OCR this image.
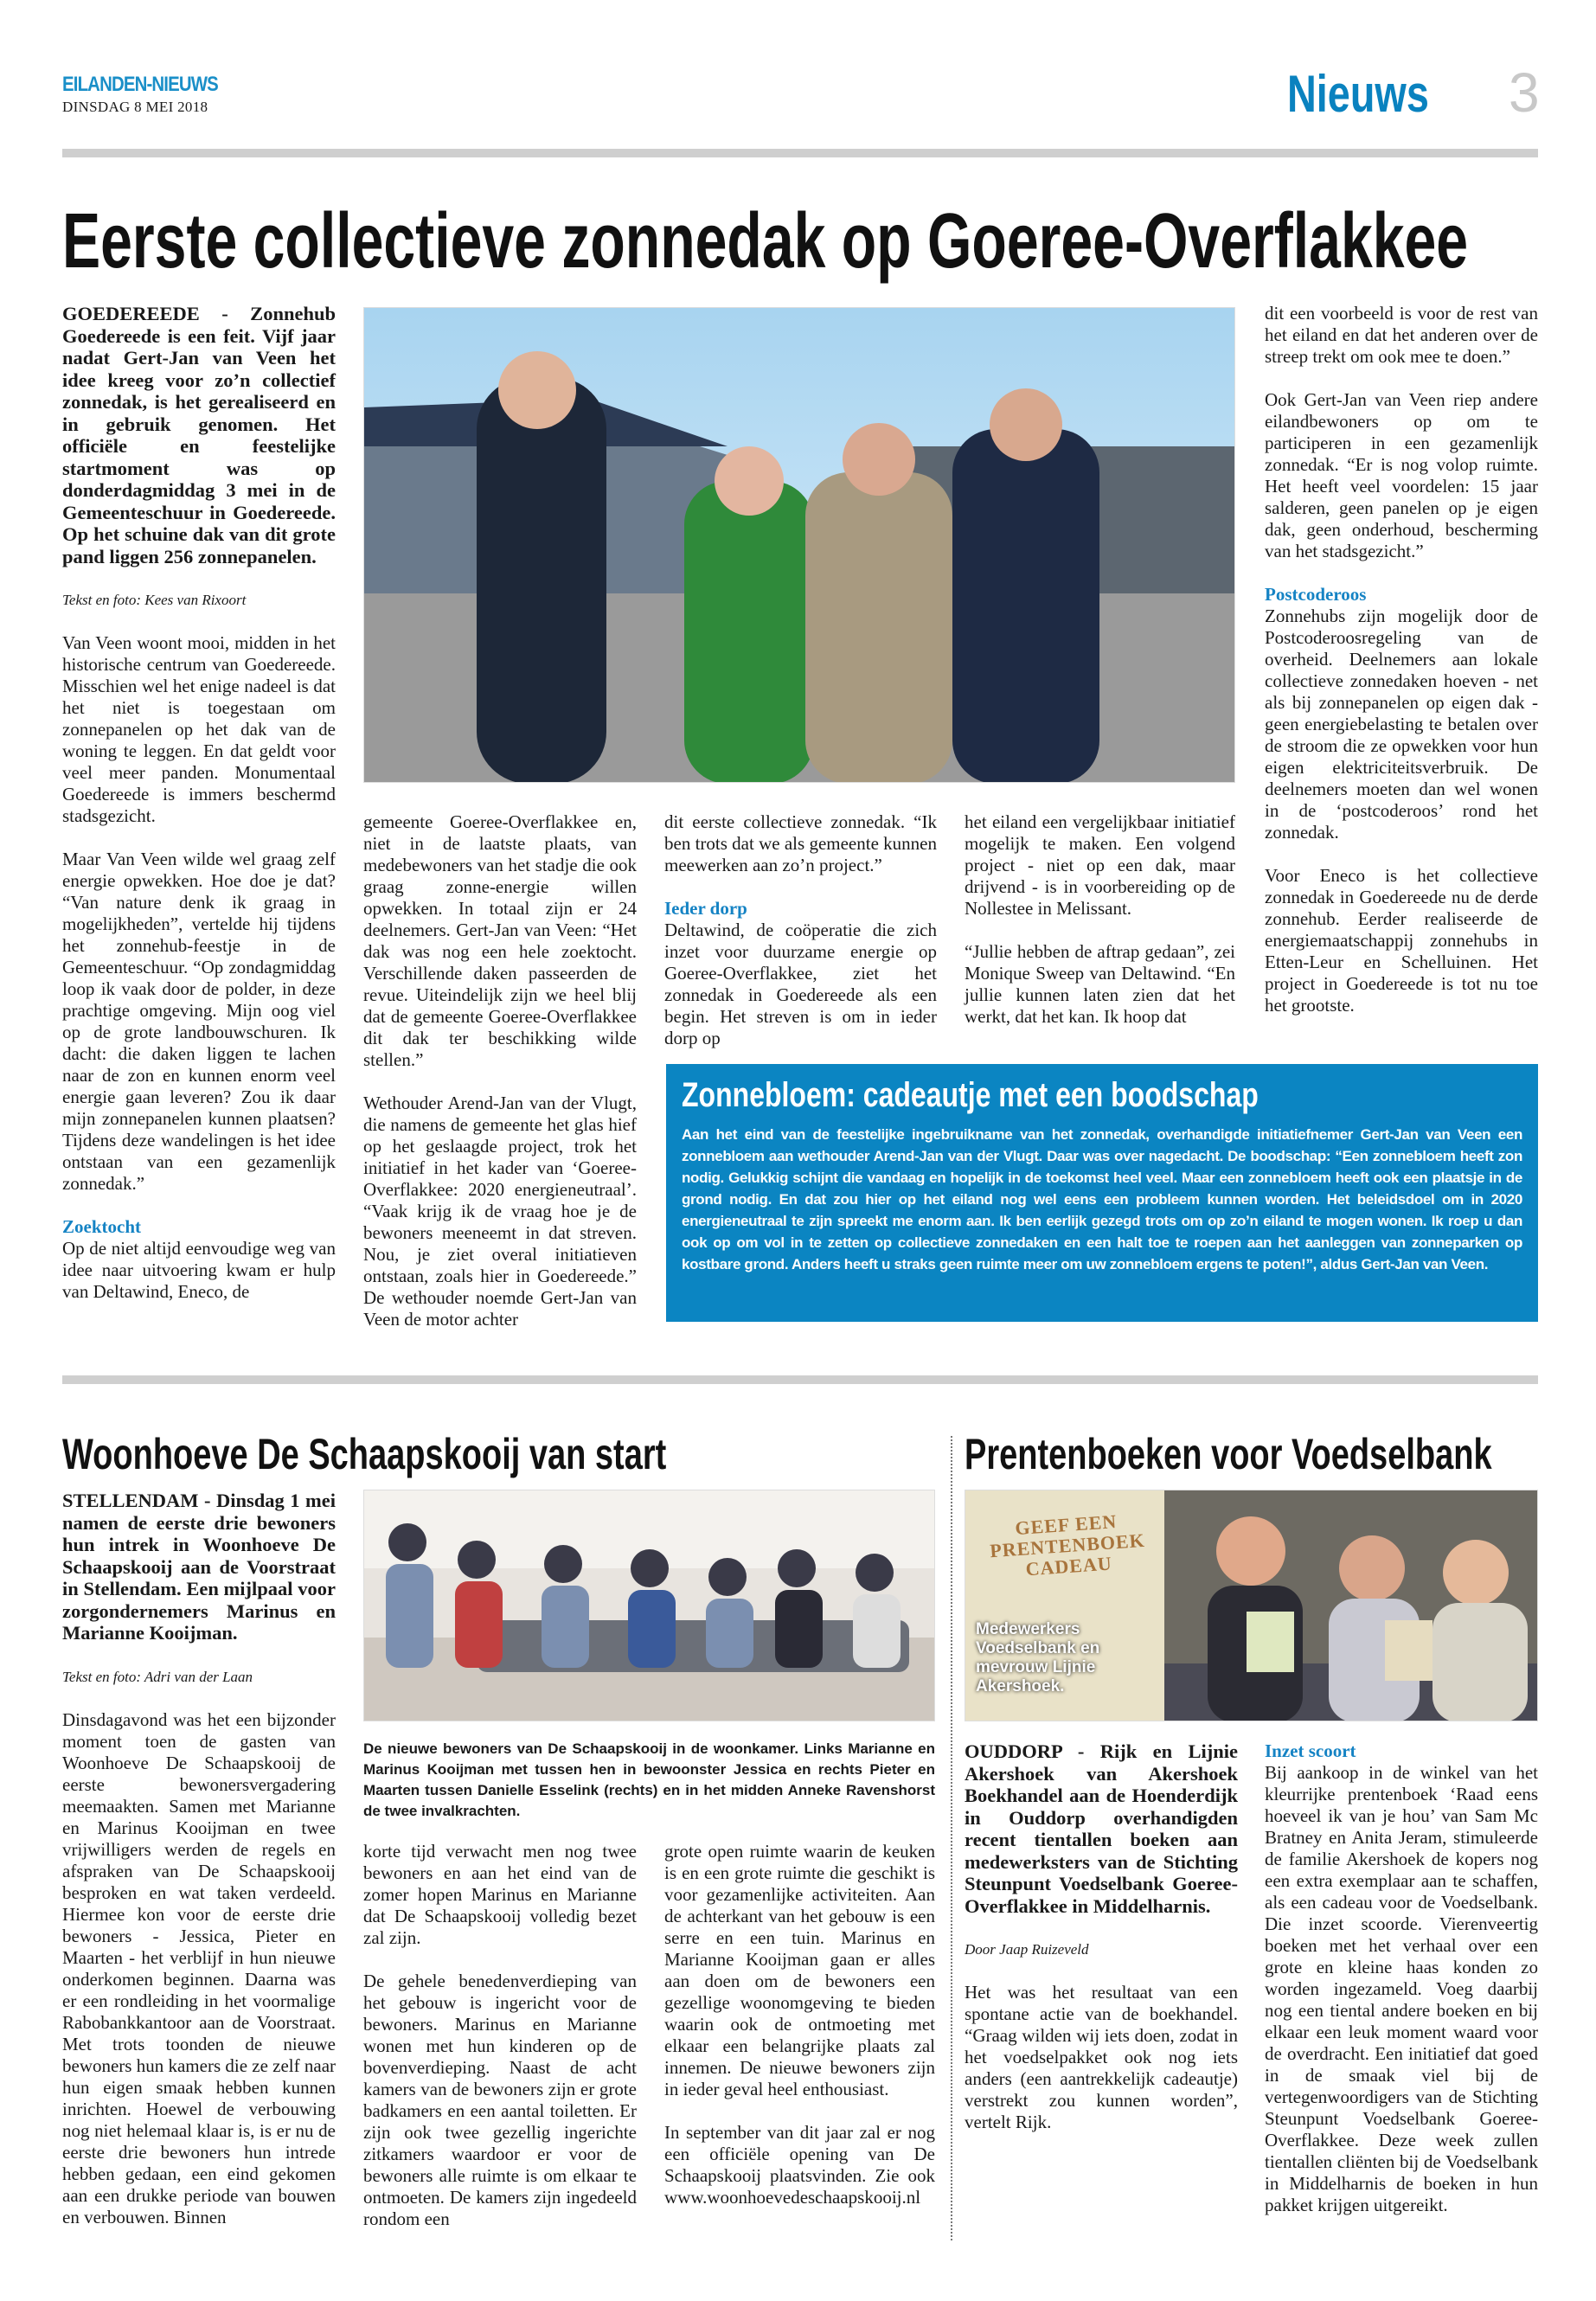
EILANDEN-NIEUWS
DINSDAG 8 MEI 2018	Nieuws 3
Eerste collectieve zonnedak op Goeree-Overflakkee
GOEDEREEDE - Zonnehub Goedereede is een feit. Vijf jaar nadat Gert-Jan van Veen het idee kreeg voor zo’n collectief zonnedak, is het gerealiseerd en in gebruik genomen. Het officiële en feestelijke startmoment was op donderdagmiddag 3 mei in de Gemeenteschuur in Goedereede. Op het schuine dak van dit grote pand liggen 256 zonnepanelen.
Tekst en foto: Kees van Rixoort

Van Veen woont mooi, midden in het historische centrum van Goedereede. Misschien wel het enige nadeel is dat het niet is toegestaan om zonnepanelen op het dak van de woning te leggen. En dat geldt voor veel meer panden. Monumentaal Goedereede is immers beschermd stadsgezicht.

Maar Van Veen wilde wel graag zelf energie opwekken. Hoe doe je dat? “Van nature denk ik graag in mogelijkheden”, vertelde hij tijdens het zonnehub-feestje in de Gemeenteschuur. “Op zondagmiddag loop ik vaak door de polder, in deze prachtige omgeving. Mijn oog viel op de grote landbouwschuren. Ik dacht: die daken liggen te lachen naar de zon en kunnen enorm veel energie gaan leveren? Zou ik daar mijn zonnepanelen kunnen plaatsen? Tijdens deze wandelingen is het idee ontstaan van een gezamenlijk zonnedak.”

Zoektocht

Op de niet altijd eenvoudige weg van idee naar uitvoering kwam er hulp van Deltawind, Eneco, de

gemeente Goeree-Overflakkee en, niet in de laatste plaats, van medebewoners van het stadje die ook graag zonne-energie willen opwekken. In totaal zijn er 24 deelnemers. Gert-Jan van Veen: “Het dak was nog een hele zoektocht. Verschillende daken passeerden de revue. Uiteindelijk zijn we heel blij dat de gemeente Goeree-Overflakkee dit dak ter beschikking wilde stellen.”

Wethouder Arend-Jan van der Vlugt, die namens de gemeente het glas hief op het geslaagde project, trok het initiatief in het kader van ‘Goeree-Overflakkee: 2020 energieneutraal’. “Vaak krijg ik de vraag hoe je de bewoners meeneemt in dat streven. Nou, je ziet overal initiatieven ontstaan, zoals hier in Goedereede.” De wethouder noemde Gert-Jan van Veen de motor achter

dit eerste collectieve zonnedak. “Ik ben trots dat we als gemeente kunnen meewerken aan zo’n project.”

Ieder dorp

Deltawind, de coöperatie die zich inzet voor duurzame energie op Goeree-Overflakkee, ziet het zonnedak in Goedereede als een begin. Het streven is om in ieder dorp op

het eiland een vergelijkbaar initiatief mogelijk te maken. Een volgend project - niet op een dak, maar drijvend - is in voorbereiding op de Nollestee in Melissant.

“Jullie hebben de aftrap gedaan”, zei Monique Sweep van Deltawind. “En jullie kunnen laten zien dat het werkt, dat het kan. Ik hoop dat

dit een voorbeeld is voor de rest van het eiland en dat het anderen over de streep trekt om ook mee te doen.”

Ook Gert-Jan van Veen riep andere eilandbewoners op om te participeren in een gezamenlijk zonnedak. “Er is nog volop ruimte. Het heeft veel voordelen: 15 jaar salderen, geen panelen op je eigen dak, geen onderhoud, bescherming van het stadsgezicht.”

Postcoderoos

Zonnehubs zijn mogelijk door de Postcoderoosregeling van de overheid. Deelnemers aan lokale collectieve zonnedaken hoeven - net als bij zonnepanelen op eigen dak - geen energiebelasting te betalen over de stroom die ze opwekken voor hun eigen elektriciteitsverbruik. De deelnemers moeten dan wel wonen in de ‘postcoderoos’ rond het zonnedak.

Voor Eneco is het collectieve zonnedak in Goedereede nu de derde zonnehub. Eerder realiseerde de energiemaatschappij zonnehubs in Etten-Leur en Schelluinen. Het project in Goedereede is tot nu toe het grootste.

Zonnebloem: cadeautje met een boodschap

Aan het eind van de feestelijke ingebruikname van het zonnedak, overhandigde initiatiefnemer Gert-Jan van Veen een zonnebloem aan wethouder Arend-Jan van der Vlugt. Daar was over nagedacht. De boodschap: “Een zonnebloem heeft zon nodig. Gelukkig schijnt die vandaag en hopelijk in de toekomst heel veel. Maar een zonnebloem heeft ook een plaatsje in de grond nodig. En dat zou hier op het eiland nog wel eens een probleem kunnen worden. Het beleidsdoel om in 2020 energieneutraal te zijn spreekt me enorm aan. Ik ben eerlijk gezegd trots om op zo’n eiland te mogen wonen. Ik roep u dan ook op om vol in te zetten op collectieve zonnedaken en een halt toe te roepen aan het aanleggen van zonneparken op kostbare grond. Anders heeft u straks geen ruimte meer om uw zonnebloem ergens te poten!”, aldus Gert-Jan van Veen.

Woonhoeve De Schaapskooij van start	Prentenboeken voor Voedselbank
STELLENDAM - Dinsdag 1 mei namen de eerste drie bewoners hun intrek in Woonhoeve De Schaapskooij aan de Voorstraat in Stellendam. Een mijlpaal voor zorgondernemers Marinus en Marianne Kooijman.
Tekst en foto: Adri van der Laan

Dinsdagavond was het een bijzonder moment toen de gasten van Woonhoeve De Schaapskooij de eerste bewonersvergadering meemaakten. Samen met Marianne en Marinus Kooijman en twee vrijwilligers werden de regels en afspraken van De Schaapskooij besproken en wat taken verdeeld. Hiermee kon voor de eerste drie bewoners - Jessica, Pieter en Maarten - het verblijf in hun nieuwe onderkomen beginnen. Daarna was er een rondleiding in het voormalige Rabobankkantoor aan de Voorstraat. Met trots toonden de nieuwe bewoners hun kamers die ze zelf naar hun eigen smaak hebben kunnen inrichten. Hoewel de verbouwing nog niet helemaal klaar is, is er nu de eerste drie bewoners hun intrede hebben gedaan, een eind gekomen aan een drukke periode van bouwen en verbouwen. Binnen

De nieuwe bewoners van De Schaapskooij in de woonkamer. Links Marianne en Marinus Kooijman met tussen hen in bewoonster Jessica en rechts Pieter en Maarten tussen Danielle Esselink (rechts) en in het midden Anneke Ravenshorst de twee invalkrachten.

korte tijd verwacht men nog twee bewoners en aan het eind van de zomer hopen Marinus en Marianne dat De Schaapskooij volledig bezet zal zijn.

De gehele benedenverdieping van het gebouw is ingericht voor de bewoners. Marinus en Marianne wonen met hun kinderen op de bovenverdieping. Naast de acht kamers van de bewoners zijn er grote badkamers en een aantal toiletten. Er zijn ook twee gezellig ingerichte zitkamers waardoor er voor de bewoners alle ruimte is om elkaar te ontmoeten. De kamers zijn ingedeeld rondom een

grote open ruimte waarin de keuken is en een grote ruimte die geschikt is voor gezamenlijke activiteiten. Aan de achterkant van het gebouw is een serre en een tuin. Marinus en Marianne Kooijman gaan er alles aan doen om de bewoners een gezellige woonomgeving te bieden waarin ook de ontmoeting met elkaar een belangrijke plaats zal innemen. De nieuwe bewoners zijn in ieder geval heel enthousiast.

In september van dit jaar zal er nog een officiële opening van De Schaapskooij plaatsvinden. Zie ook www.woonhoevedeschaapskooij.nl

GEEF EEN PRENTENBOEK CADEAU
Medewerkers Voedselbank en mevrouw Lijnie Akershoek.
OUDDORP - Rijk en Lijnie Akershoek van Akershoek Boekhandel aan de Hoenderdijk in Ouddorp overhandigden recent tientallen boeken aan medewerksters van de Stichting Steunpunt Voedselbank Goeree-Overflakkee in Middelharnis.
Door Jaap Ruizeveld

Het was het resultaat van een spontane actie van de boekhandel. “Graag wilden wij iets doen, zodat in het voedselpakket ook nog iets anders (een aantrekkelijk cadeautje) verstrekt zou kunnen worden”, vertelt Rijk.

Inzet scoort

Bij aankoop in de winkel van het kleurrijke prentenboek ‘Raad eens hoeveel ik van je hou’ van Sam Mc Bratney en Anita Jeram, stimuleerde de familie Akershoek de kopers nog een extra exemplaar aan te schaffen, als een cadeau voor de Voedselbank. Die inzet scoorde. Vierenveertig boeken met het verhaal over een grote en kleine haas konden zo worden ingezameld. Voeg daarbij nog een tiental andere boeken en bij elkaar een leuk moment waard voor de overdracht. Een initiatief dat goed in de smaak viel bij de vertegenwoordigers van de Stichting Steunpunt Voedselbank Goeree-Overflakkee. Deze week zullen tientallen cliënten bij de Voedselbank in Middelharnis de boeken in hun pakket krijgen uitgereikt.
